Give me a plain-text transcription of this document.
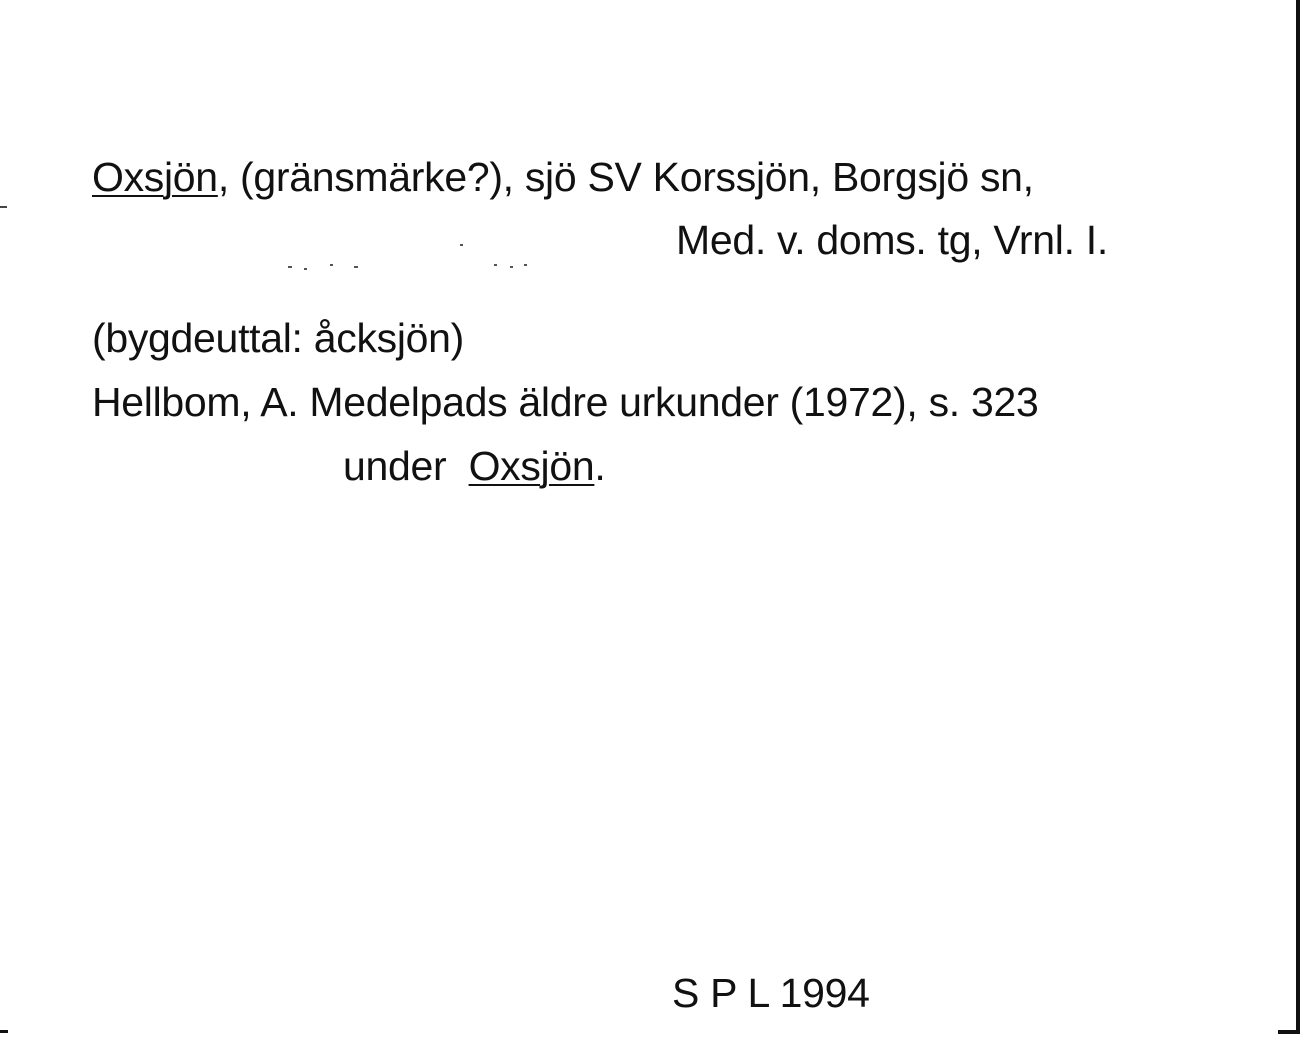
Oxsjön, (gränsmärke?), sjö SV Korssjön, Borgsjö sn,
Med. v. doms. tg, Vrnl. I.
(bygdeuttal: åcksjön)
Hellbom, A. Medelpads äldre urkunder (1972), s. 323
under Oxsjön.
S P L 1994
